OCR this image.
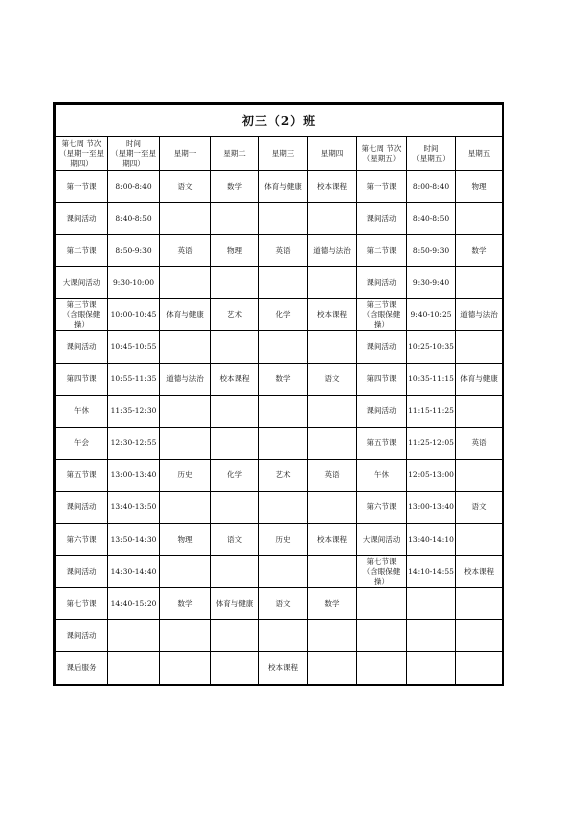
初三（2）班								
第七周 节次
（星期一至星
期四）	时间
（星期一至星
期四）	星期一	星期二	星期三	星期四	第七周 节次
（星期五）	时间
（星期五）	星期五
第一节课	8:00-8:40	语文	数学	体育与健康	校本课程	第一节课	8:00-8:40	物理
课间活动	8:40-8:50					课间活动	8:40-8:50	
第二节课	8:50-9:30	英语	物理	英语	道德与法治	第二节课	8:50-9:30	数学
大课间活动	9:30-10:00					课间活动	9:30-9:40	
第三节课
（含眼保健
操）	10:00-10:45	体育与健康	艺术	化学	校本课程	第三节课
（含眼保健
操）	9:40-10:25	道德与法治
课间活动	10:45-10:55					课间活动	10:25-10:35	
第四节课	10:55-11:35	道德与法治	校本课程	数学	语文	第四节课	10:35-11:15	体育与健康
午休	11:35-12:30					课间活动	11:15-11:25	
午会	12:30-12:55					第五节课	11:25-12:05	英语
第五节课	13:00-13:40	历史	化学	艺术	英语	午休	12:05-13:00	
课间活动	13:40-13:50					第六节课	13:00-13:40	语文
第六节课	13:50-14:30	物理	语文	历史	校本课程	大课间活动	13:40-14:10	
课间活动	14:30-14:40					第七节课
（含眼保健
操）	14:10-14:55	校本课程
第七节课	14:40-15:20	数学	体育与健康	语文	数学			
课间活动								
课后服务				校本课程				
